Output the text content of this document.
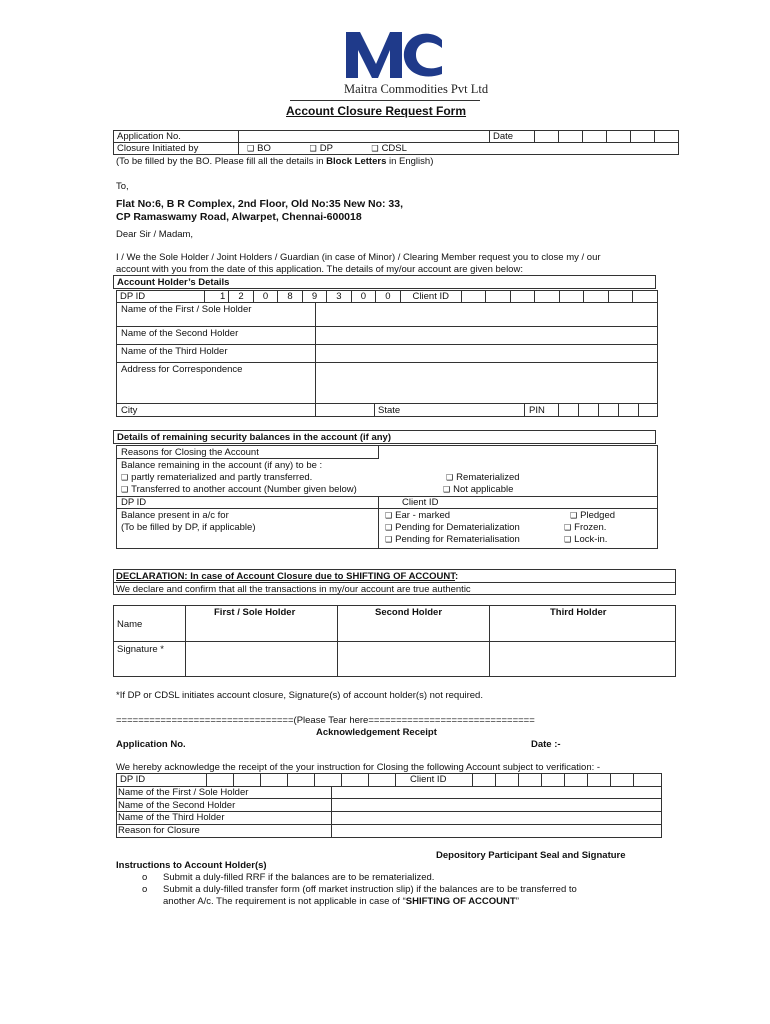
Maitra Commodities Pvt Ltd
Account Closure Request Form
Application No.		Date						
Closure Initiated by	❑ BO ❑ DP ❑ CDSL
(To be filled by the BO. Please fill all the details in Block Letters in English)
To,
Flat No:6, B R Complex, 2nd Floor, Old No:35 New No: 33,
CP Ramaswamy Road, Alwarpet, Chennai-600018
Dear Sir / Madam,
I / We the Sole Holder / Joint Holders / Guardian (in case of Minor) / Clearing Member request you to close my / our
account with you from the date of this application. The details of my/our account are given below:
Account Holder’s Details
DP ID	1	2	0	8	9	3	0	0	Client ID								
Name of the First / Sole Holder
Name of the Second Holder
Name of the Third Holder
Address for Correspondence
City	State	PIN
Details of remaining security balances in the account (if any)
Reasons for Closing the Account
Balance remaining in the account (if any) to be :
❑ partly rematerialized and partly transferred.	❑ Rematerialized
❑ Transferred to another account (Number given below)	❑ Not applicable
DP ID	Client ID
Balance present in a/c for
(To be filled by DP, if applicable)
❑ Ear - marked	❑ Pledged
❑ Pending for Dematerialization	❑ Frozen.
❑ Pending for Rematerialisation	❑ Lock-in.
DECLARATION: In case of Account Closure due to SHIFTING OF ACCOUNT:
We declare and confirm that all the transactions in my/our account are true authentic
First / Sole Holder	Second Holder	Third Holder
Name
Signature *
*If DP or CDSL initiates account closure, Signature(s) of account holder(s) not required.
================================(Please Tear here==============================
Acknowledgement Receipt
Application No.	Date :-
We hereby acknowledge the receipt of the your instruction for Closing the following Account subject to verification: -
DP ID	Client ID
Name of the First / Sole Holder
Name of the Second Holder
Name of the Third Holder
Reason for Closure
Depository Participant Seal and Signature
Instructions to Account Holder(s)
o Submit a duly-filled RRF if the balances are to be rematerialized.
o Submit a duly-filled transfer form (off market instruction slip) if the balances are to be transferred to
another A/c. The requirement is not applicable in case of “SHIFTING OF ACCOUNT”
